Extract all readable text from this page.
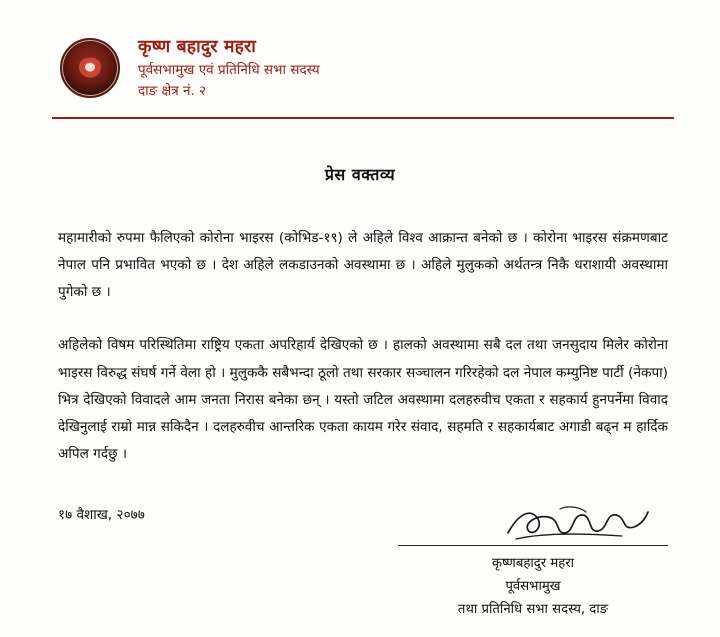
कृष्ण बहादुर महरा
पूर्वसभामुख एवं प्रतिनिधि सभा सदस्य
दाङ क्षेत्र नं. २
प्रेस वक्तव्य

महामारीको रुपमा फैलिएको कोरोना भाइरस (कोभिड-१९) ले अहिले विश्व आक्रान्त बनेको छ । कोरोना भाइरस संक्रमणबाट नेपाल पनि प्रभावित भएको छ । देश अहिले लकडाउनको अवस्थामा छ । अहिले मुलुकको अर्थतन्त्र निकै धराशायी अवस्थामा पुगेको छ ।

अहिलेको विषम परिस्थितिमा राष्ट्रिय एकता अपरिहार्य देखिएको छ । हालको अवस्थामा सबै दल तथा जनसुदाय मिलेर कोरोना भाइरस विरुद्ध संघर्ष गर्ने वेला हो । मुलुककै सबैभन्दा ठूलो तथा सरकार सञ्चालन गरिरहेको दल नेपाल कम्युनिष्ट पार्टी (नेकपा) भित्र देखिएको विवादले आम जनता निरास बनेका छन् । यस्तो जटिल अवस्थामा दलहरुवीच एकता र सहकार्य हुनपर्नेमा विवाद देखिनुलाई राम्रो मान्न सकिदैन । दलहरुवीच आन्तरिक एकता कायम गरेर संवाद, सहमति र सहकार्यबाट अगाडी बढ्न म हार्दिक अपिल गर्दछु ।

१७ वैशाख, २०७७

कृष्णबहादुर महरा
पूर्वसभामुख
तथा प्रतिनिधि सभा सदस्य, दाङ
